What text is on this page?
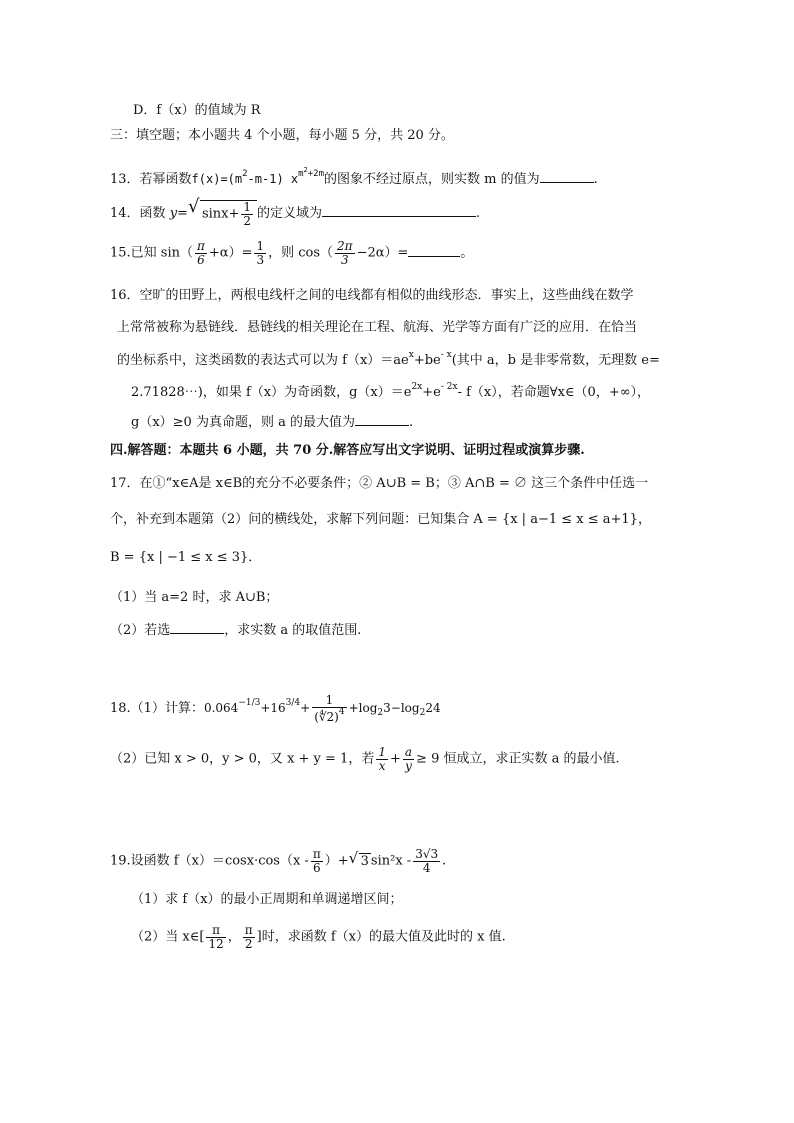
D．f（x）的值域为 R
三：填空题；本小题共 4 个小题，每小题 5 分，共 20 分。
13．若幂函数$f(x)=(m^2-m-1)$ $x^{m^2+2m}$的图象不经过原点，则实数 m 的值为	.
14．函数 y= √ $\sin x+ \frac{1}{2}$ 的定义域为	.
15.已知 $\sin( \frac{\pi}{6} +\alpha)= \frac{1}{3}$ ，则 $\cos( \frac{2\pi}{3} -2\alpha)=$	。
16．空旷的田野上，两根电线杆之间的电线都有相似的曲线形态．事实上，这些曲线在数学
上常常被称为悬链线．悬链线的相关理论在工程、航海、光学等方面有广泛的应用．在恰当
的坐标系中，这类函数的表达式可以为 $f(x)=ae^x+be^{- x}$(其中 a，b 是非零常数，无理数 e=
2.71828⋯)，如果 f（x）为奇函数，$g(x)=e^{2x}+e^{- 2x}-$ f（x），若命题∀x∈（0，+∞），
g（x）≥0 为真命题，则 a 的最大值为	.
四.解答题：本题共 6 小题，共 70 分.解答应写出文字说明、证明过程或演算步骤.
17．在①“x∈A是 x∈B的充分不必要条件；② A∪B = B；③ A∩B = ∅ 这三个条件中任选一
个，补充到本题第（2）问的横线处，求解下列问题：已知集合 A = {x | a−1 ≤ x ≤ a+1}，
B = {x | −1 ≤ x ≤ 3}．
（1）当 a=2 时，求 A∪B；
（2）若选	，求实数 a 的取值范围.
18.（1）计算：$0.064^{-1/3}+16^{3/4}+ \frac{1}{(∜2)^4} +\log_23-\log_224$
（2）已知 x > 0，y > 0，又 x + y = 1，若 $\frac{1}{x} + \frac{a}{y} \ge 9$ 恒成立，求正实数 a 的最小值.
19.设函数 $f(x)=\cos x\cdot\cos(x - \frac{\pi}{6}$ ）+ √ 3 $\sin^2x - \frac{3√3}{4}$ .
（1）求 f（x）的最小正周期和单调递增区间；
（2）当 x∈[ $\frac{\pi}{12}$ ， $\frac{\pi}{2}$ ]时，求函数 f（x）的最大值及此时的 x 值.
